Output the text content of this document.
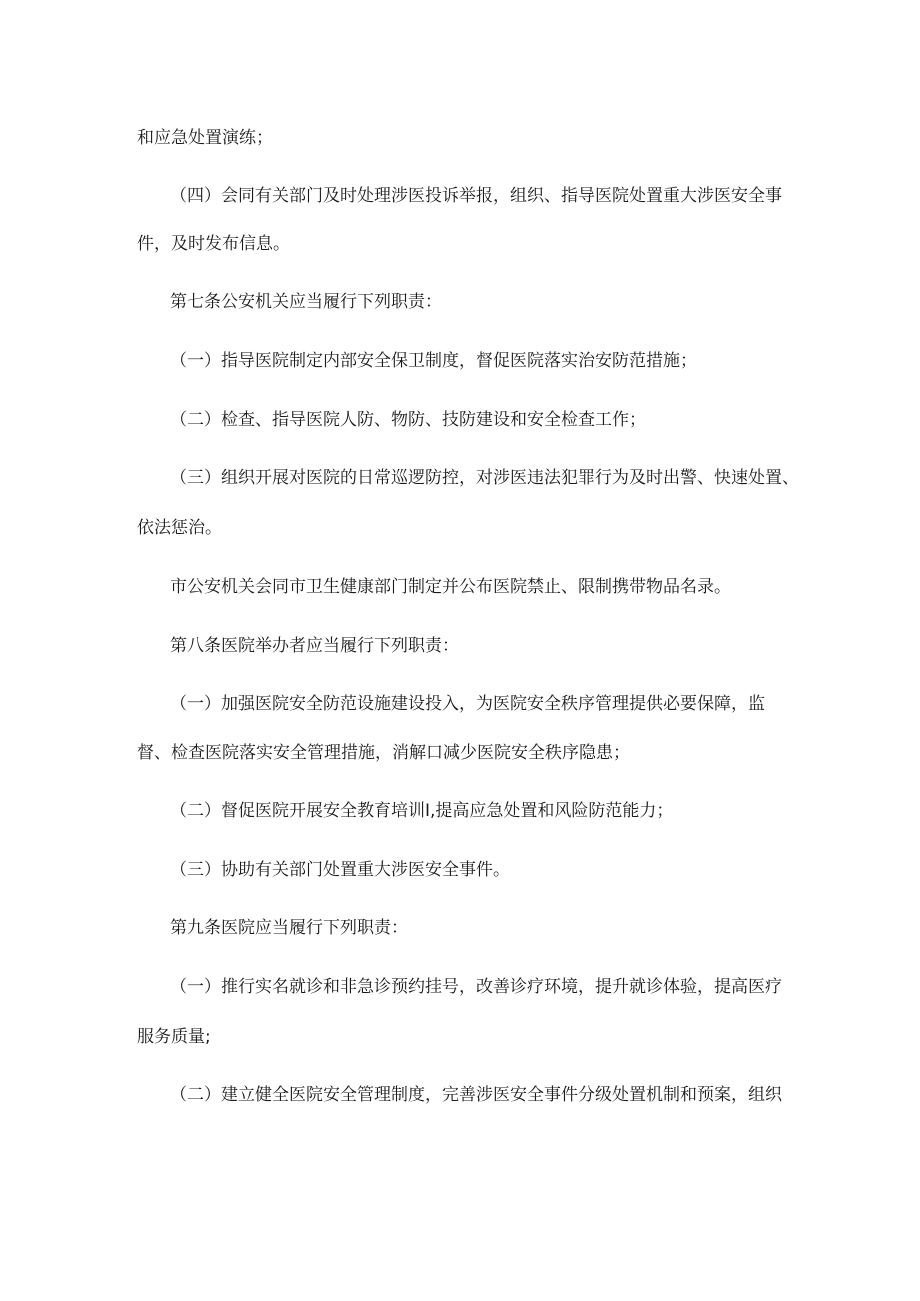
和应急处置演练；
（四）会同有关部门及时处理涉医投诉举报，组织、指导医院处置重大涉医安全事
件，及时发布信息。
第七条公安机关应当履行下列职责：
（一）指导医院制定内部安全保卫制度，督促医院落实治安防范措施；
（二）检查、指导医院人防、物防、技防建设和安全检查工作；
（三）组织开展对医院的日常巡逻防控，对涉医违法犯罪行为及时出警、快速处置、
依法惩治。
市公安机关会同市卫生健康部门制定并公布医院禁止、限制携带物品名录。
第八条医院举办者应当履行下列职责：
（一）加强医院安全防范设施建设投入，为医院安全秩序管理提供必要保障，监
督、检查医院落实安全管理措施，消解口减少医院安全秩序隐患；
（二）督促医院开展安全教育培训I,提高应急处置和风险防范能力；
（三）协助有关部门处置重大涉医安全事件。
第九条医院应当履行下列职责：
（一）推行实名就诊和非急诊预约挂号，改善诊疗环境，提升就诊体验，提高医疗
服务质量;
（二）建立健全医院安全管理制度，完善涉医安全事件分级处置机制和预案，组织
